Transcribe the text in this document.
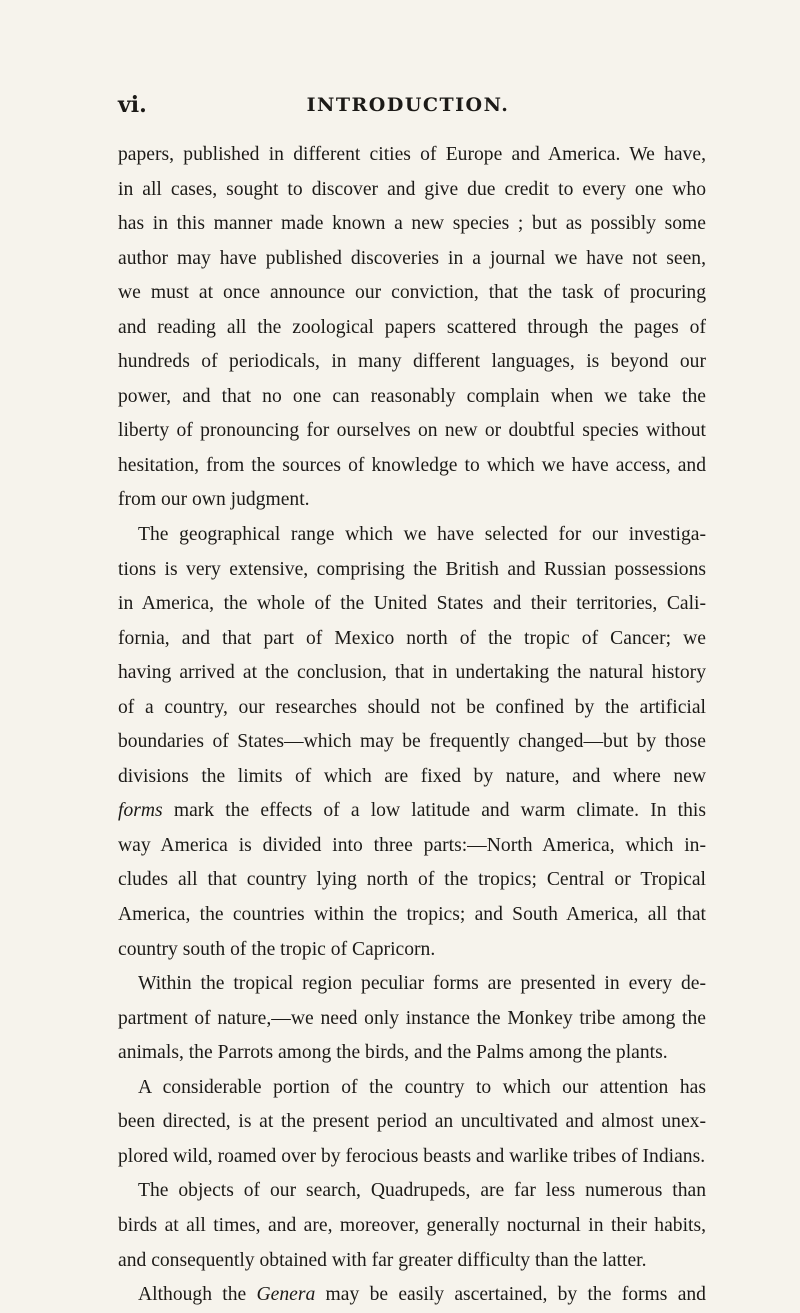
vi.	INTRODUCTION.
papers, published in different cities of Europe and America. We have,
in all cases, sought to discover and give due credit to every one who
has in this manner made known a new species ; but as possibly some
author may have published discoveries in a journal we have not seen,
we must at once announce our conviction, that the task of procuring
and reading all the zoological papers scattered through the pages of
hundreds of periodicals, in many different languages, is beyond our
power, and that no one can reasonably complain when we take the
liberty of pronouncing for ourselves on new or doubtful species without
hesitation, from the sources of knowledge to which we have access, and
from our own judgment.
The geographical range which we have selected for our investiga-
tions is very extensive, comprising the British and Russian possessions
in America, the whole of the United States and their territories, Cali-
fornia, and that part of Mexico north of the tropic of Cancer; we
having arrived at the conclusion, that in undertaking the natural history
of a country, our researches should not be confined by the artificial
boundaries of States—which may be frequently changed—but by those
divisions the limits of which are fixed by nature, and where new
forms mark the effects of a low latitude and warm climate. In this
way America is divided into three parts:—North America, which in-
cludes all that country lying north of the tropics; Central or Tropical
America, the countries within the tropics; and South America, all that
country south of the tropic of Capricorn.
Within the tropical region peculiar forms are presented in every de-
partment of nature,—we need only instance the Monkey tribe among the
animals, the Parrots among the birds, and the Palms among the plants.
A considerable portion of the country to which our attention has
been directed, is at the present period an uncultivated and almost unex-
plored wild, roamed over by ferocious beasts and warlike tribes of Indians.
The objects of our search, Quadrupeds, are far less numerous than
birds at all times, and are, moreover, generally nocturnal in their habits,
and consequently obtained with far greater difficulty than the latter.
Although the Genera may be easily ascertained, by the forms and
